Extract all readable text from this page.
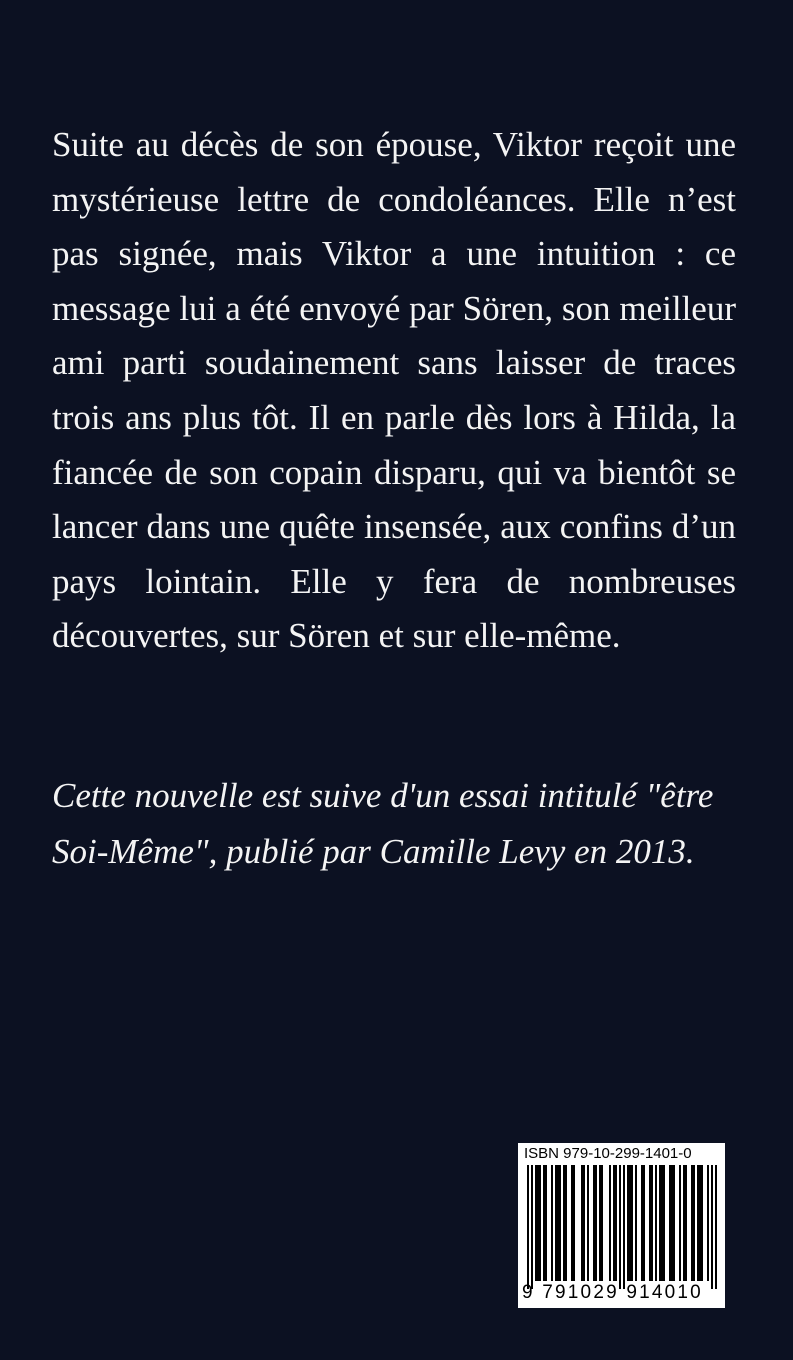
Suite au décès de son épouse, Viktor reçoit une mystérieuse lettre de condoléances. Elle n’est pas signée, mais Viktor a une intuition : ce message lui a été envoyé par Sören, son meilleur ami parti soudainement sans laisser de traces trois ans plus tôt. Il en parle dès lors à Hilda, la fiancée de son copain disparu, qui va bientôt se lancer dans une quête insensée, aux confins d’un pays lointain. Elle y fera de nombreuses découvertes, sur Sören et sur elle-même.

Cette nouvelle est suive d'un essai intitulé "être Soi-Même", publié par Camille Levy en 2013.

ISBN 979-10-299-1401-0
9 791029 914010
